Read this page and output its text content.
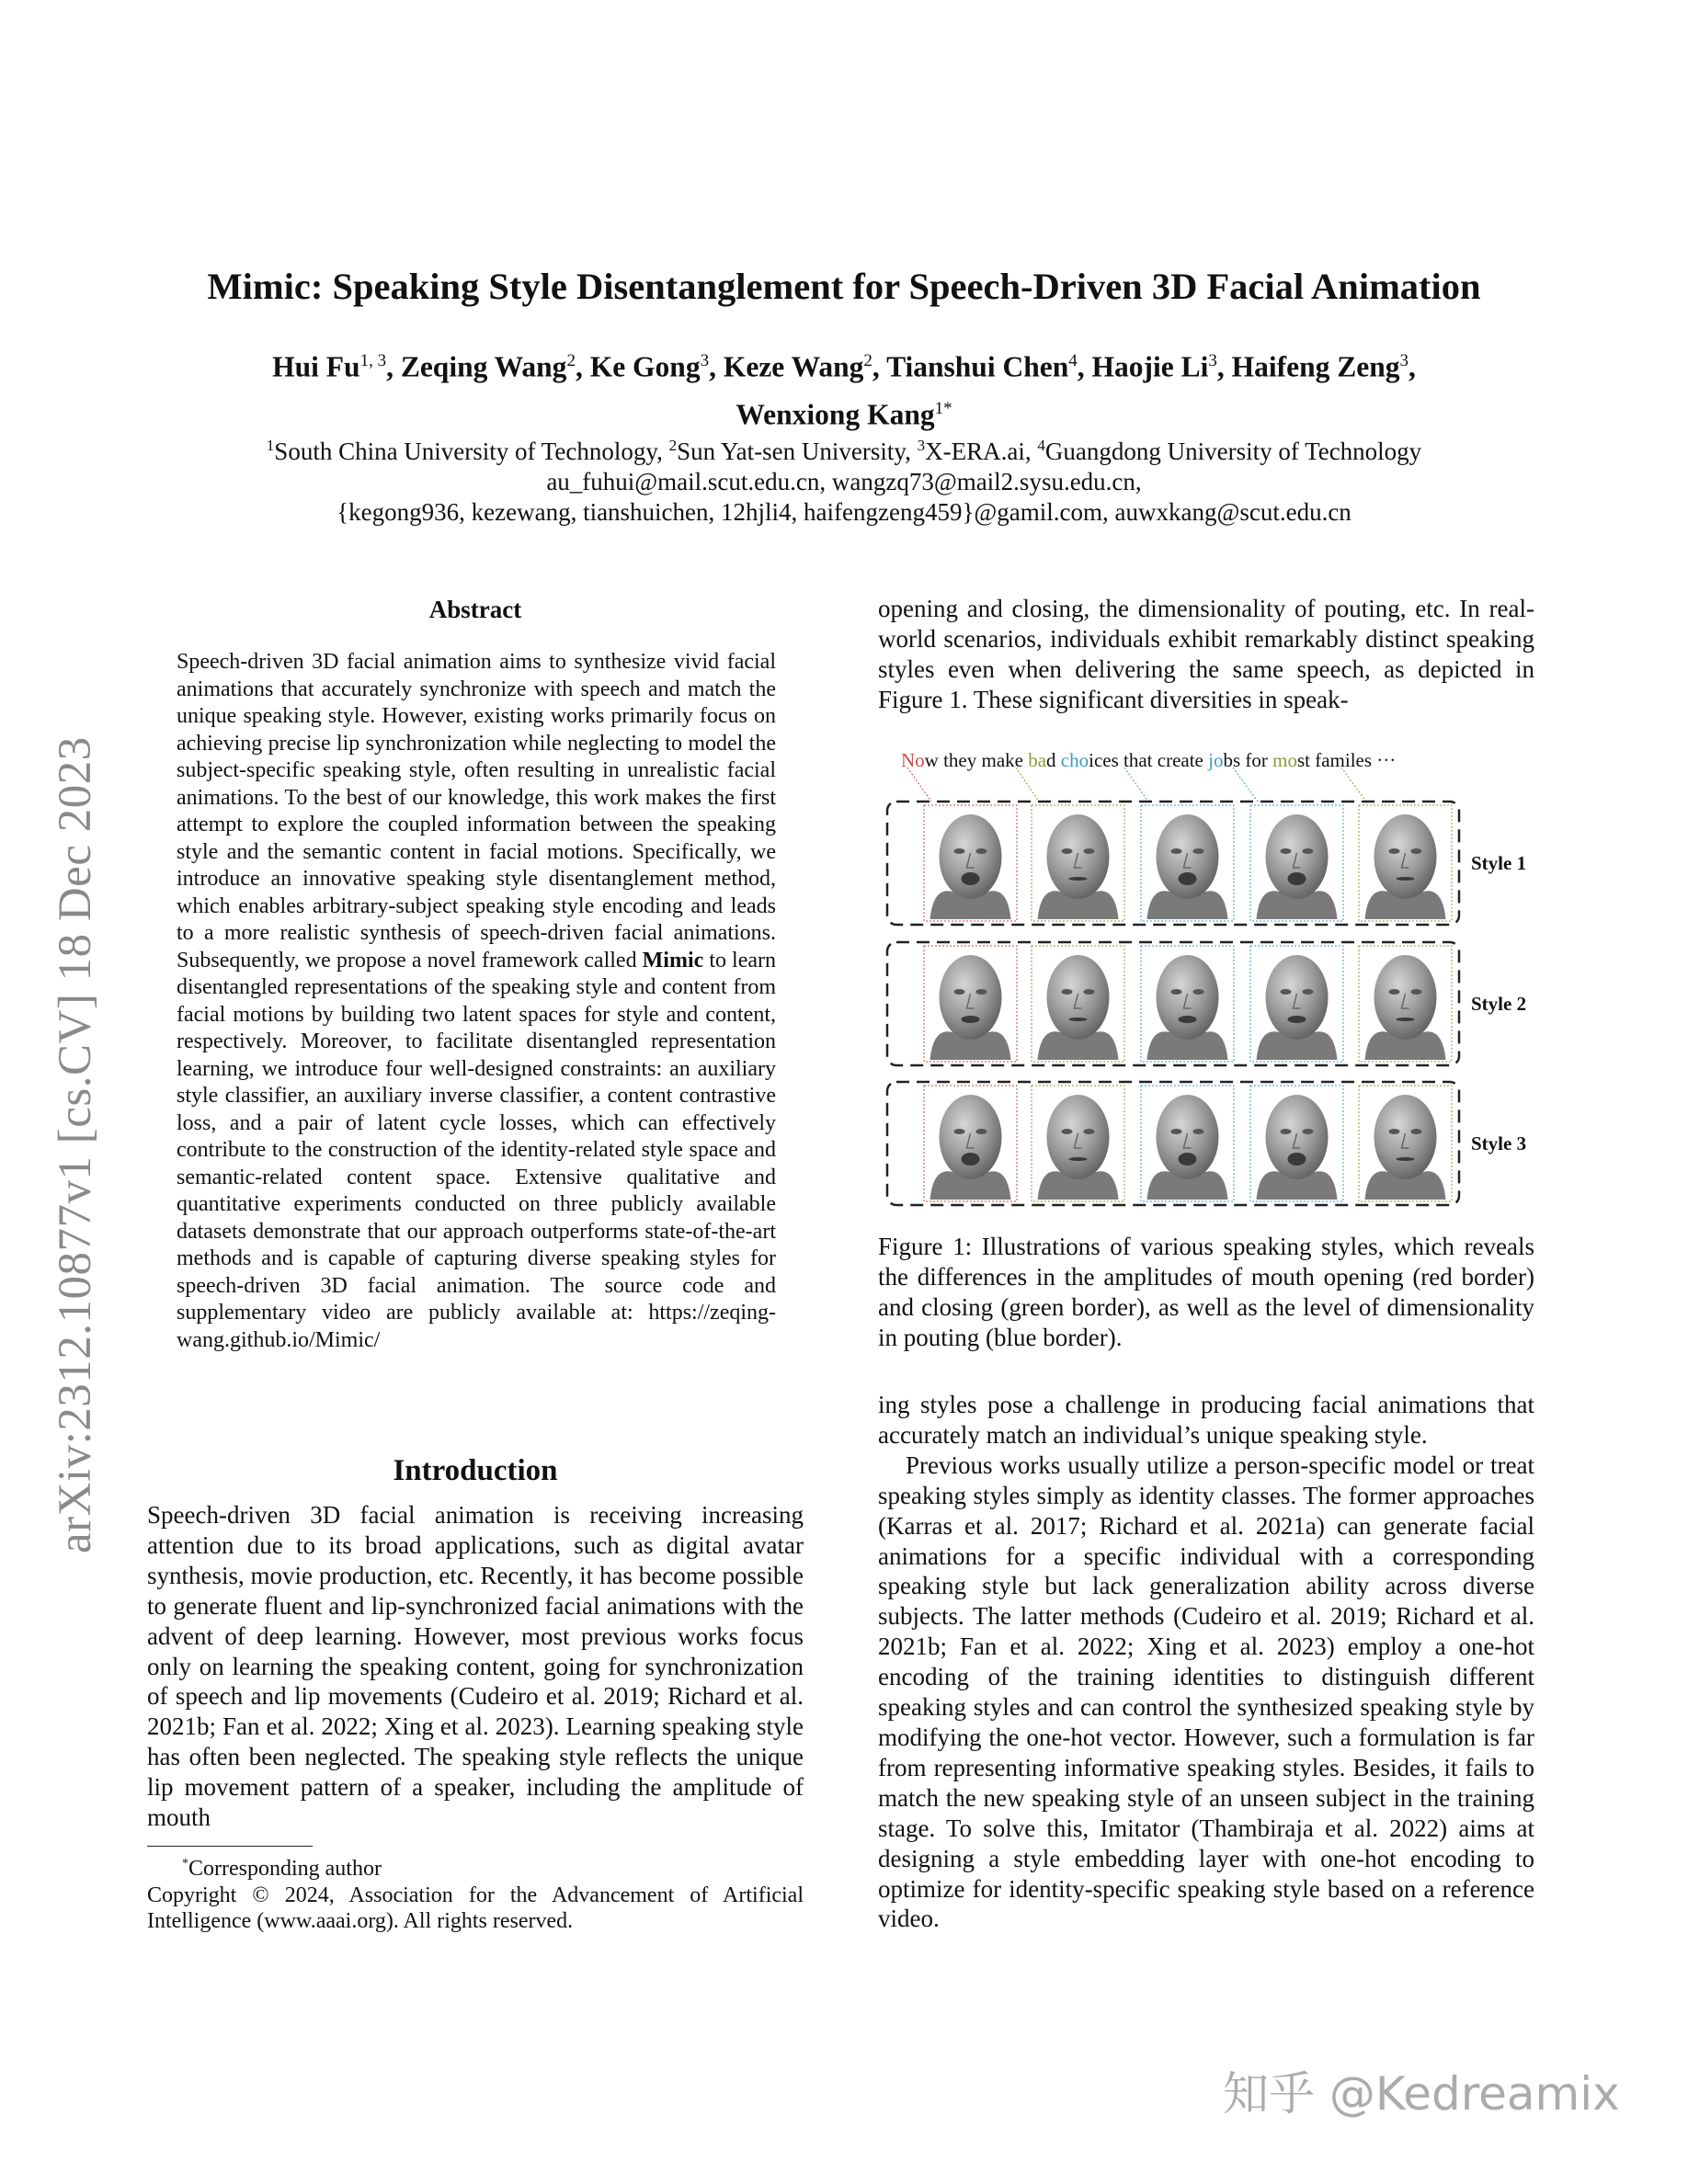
arXiv:2312.10877v1 [cs.CV] 18 Dec 2023
Mimic: Speaking Style Disentanglement for Speech-Driven 3D Facial Animation
Hui Fu$^{1, 3}$, Zeqing Wang$^2$, Ke Gong$^3$, Keze Wang$^2$, Tianshui Chen$^4$, Haojie Li$^3$, Haifeng Zeng$^3$,
Wenxiong Kang$^{1*}$
$^1$South China University of Technology, $^2$Sun Yat-sen University, $^3$X-ERA.ai, $^4$Guangdong University of Technology
au_fuhui@mail.scut.edu.cn, wangzq73@mail2.sysu.edu.cn,
{kegong936, kezewang, tianshuichen, 12hjli4, haifengzeng459}@gamil.com, auwxkang@scut.edu.cn
Abstract
Speech-driven 3D facial animation aims to synthesize vivid facial animations that accurately synchronize with speech and match the unique speaking style. However, existing works primarily focus on achieving precise lip synchronization while neglecting to model the subject-specific speaking style, often resulting in unrealistic facial animations. To the best of our knowledge, this work makes the first attempt to explore the coupled information between the speaking style and the semantic content in facial motions. Specifically, we introduce an innovative speaking style disentanglement method, which enables arbitrary-subject speaking style encoding and leads to a more realistic synthesis of speech-driven facial animations. Subsequently, we propose a novel framework called Mimic to learn disentangled representations of the speaking style and content from facial motions by building two latent spaces for style and content, respectively. Moreover, to facilitate disentangled representation learning, we introduce four well-designed constraints: an auxiliary style classifier, an auxiliary inverse classifier, a content contrastive loss, and a pair of latent cycle losses, which can effectively contribute to the construction of the identity-related style space and semantic-related content space. Extensive qualitative and quantitative experiments conducted on three publicly available datasets demonstrate that our approach outperforms state-of-the-art methods and is capable of capturing diverse speaking styles for speech-driven 3D facial animation. The source code and supplementary video are publicly available at: https://zeqing-wang.github.io/Mimic/
Introduction

Speech-driven 3D facial animation is receiving increasing attention due to its broad applications, such as digital avatar synthesis, movie production, etc. Recently, it has become possible to generate fluent and lip-synchronized facial animations with the advent of deep learning. However, most previous works focus only on learning the speaking content, going for synchronization of speech and lip movements (Cudeiro et al. 2019; Richard et al. 2021b; Fan et al. 2022; Xing et al. 2023). Learning speaking style has often been neglected. The speaking style reflects the unique lip movement pattern of a speaker, including the amplitude of mouth

*Corresponding author
Copyright © 2024, Association for the Advancement of Artificial Intelligence (www.aaai.org). All rights reserved.

opening and closing, the dimensionality of pouting, etc. In real-world scenarios, individuals exhibit remarkably distinct speaking styles even when delivering the same speech, as depicted in Figure 1. These significant diversities in speak-

Now they make bad choices that create jobs for most familes ···
Style 1
Style 2
Style 3
Figure 1: Illustrations of various speaking styles, which reveals the differences in the amplitudes of mouth opening (red border) and closing (green border), as well as the level of dimensionality in pouting (blue border).

ing styles pose a challenge in producing facial animations that accurately match an individual’s unique speaking style.

Previous works usually utilize a person-specific model or treat speaking styles simply as identity classes. The former approaches (Karras et al. 2017; Richard et al. 2021a) can generate facial animations for a specific individual with a corresponding speaking style but lack generalization ability across diverse subjects. The latter methods (Cudeiro et al. 2019; Richard et al. 2021b; Fan et al. 2022; Xing et al. 2023) employ a one-hot encoding of the training identities to distinguish different speaking styles and can control the synthesized speaking style by modifying the one-hot vector. However, such a formulation is far from representing informative speaking styles. Besides, it fails to match the new speaking style of an unseen subject in the training stage. To solve this, Imitator (Thambiraja et al. 2022) aims at designing a style embedding layer with one-hot encoding to optimize for identity-specific speaking style based on a reference video.

知乎 @Kedreamix
